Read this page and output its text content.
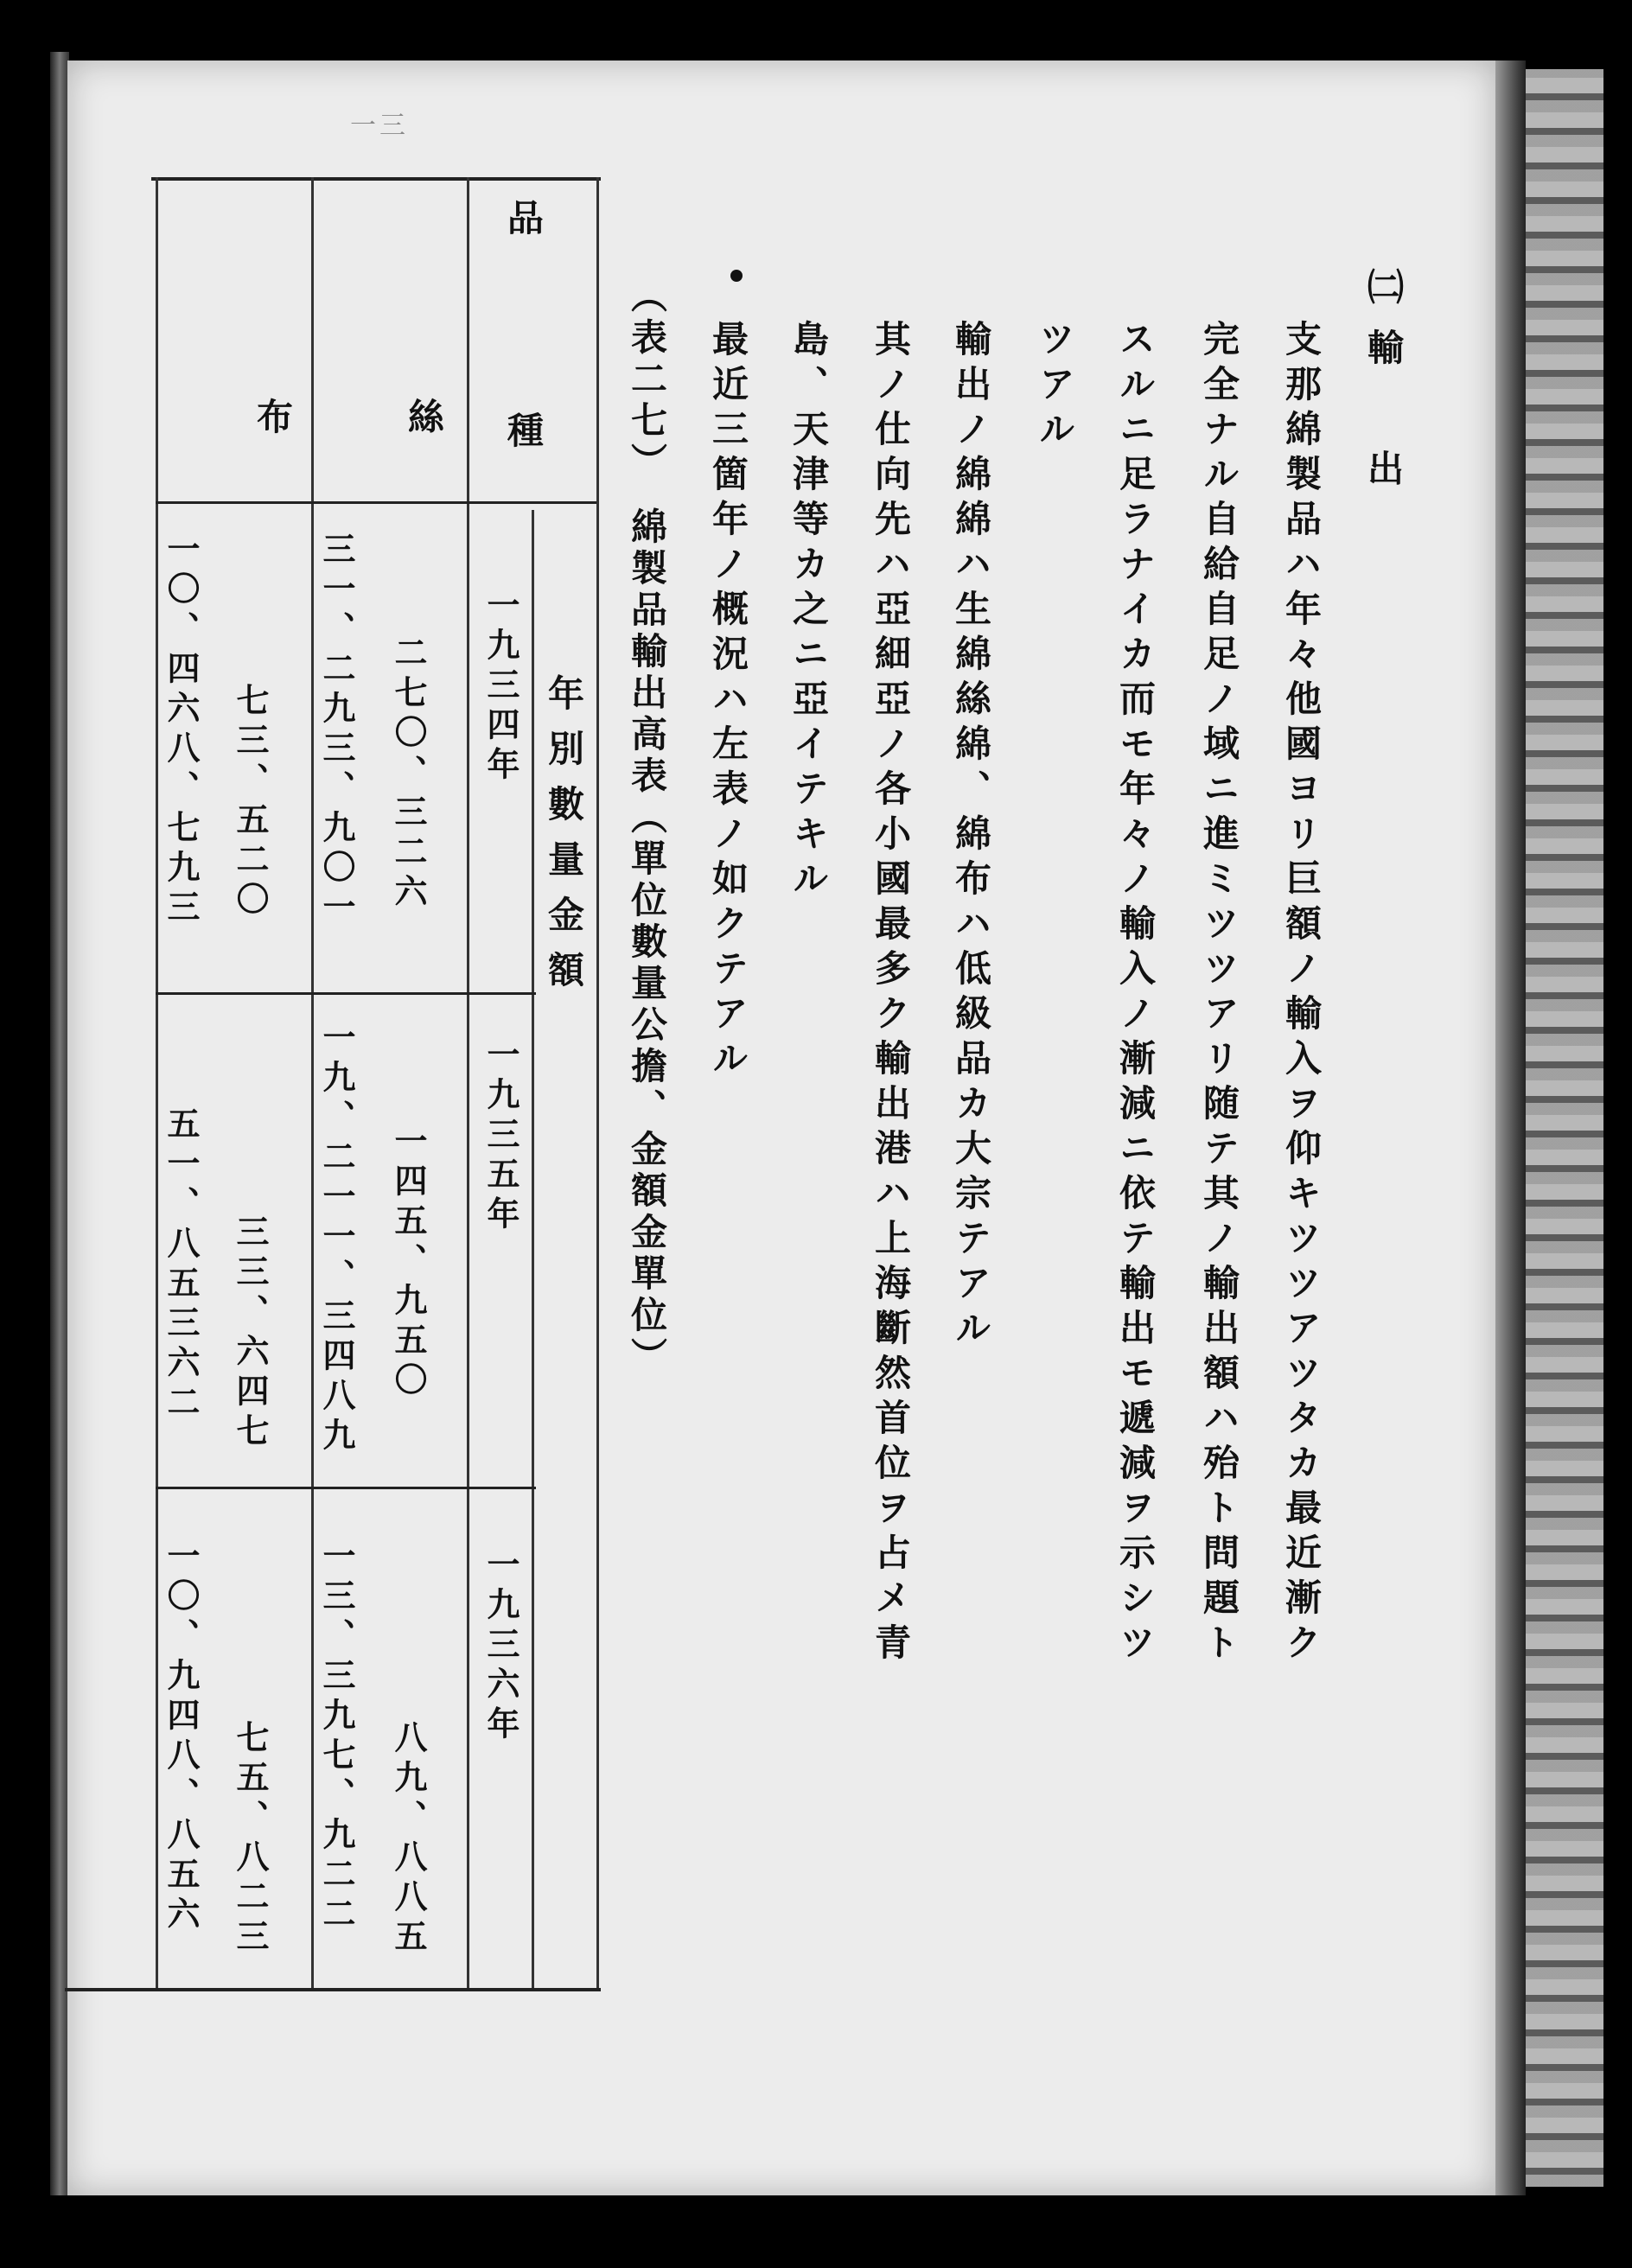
一三
㈡輸　出
支那綿製品ハ年々他國ヨリ巨額ノ輸入ヲ仰キツツアツタカ最近漸ク
完全ナル自給自足ノ域ニ進ミツツアリ随テ其ノ輸出額ハ殆ト問題ト
スルニ足ラナイカ而モ年々ノ輸入ノ漸減ニ依テ輸出モ遞減ヲ示シツ
ツアル
輸出ノ綿綿ハ生綿絲綿、綿布ハ低級品カ大宗テアル
其ノ仕向先ハ亞細亞ノ各小國最多ク輸出港ハ上海斷然首位ヲ占メ青
島、天津等カ之ニ亞イテキル
最近三箇年ノ概況ハ左表ノ如クテアル
（表二七）　綿製品輸出高表（單位數量公擔、金額金單位）
品　　種
絲
布
年別數量金額
一九三四年
一九三五年
一九三六年
二七〇、三二六
三一、二九三、九〇一
一四五、九五〇
一九、二一一、三四八九
八九、八八五
一三、三九七、九二二
七三、五二〇
一〇、四六八、七九三
三三、六四七
五一、八五三六二
七五、八二三
一〇、九四八、八五六
